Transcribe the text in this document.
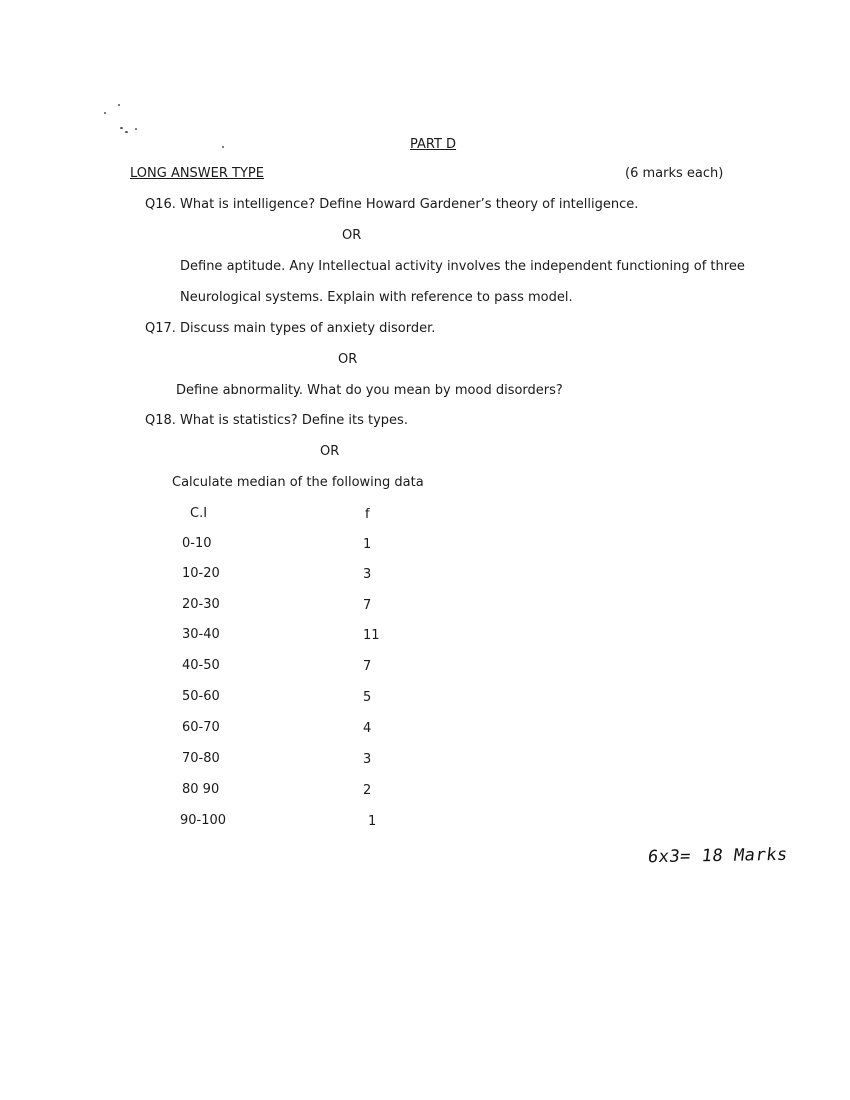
PART D
LONG ANSWER TYPE	(6 marks each)
Q16. What is intelligence? Define Howard Gardener’s theory of intelligence.
OR
Define aptitude. Any Intellectual activity involves the independent functioning of three
Neurological systems. Explain with reference to pass model.
Q17. Discuss main types of anxiety disorder.
OR
Define abnormality. What do you mean by mood disorders?
Q18. What is statistics? Define its types.
OR
Calculate median of the following data
C.I	f
0-10	1
10-20	3
20-30	7
30-40	11
40-50	7
50-60	5
60-70	4
70-80	3
80 90	2
90-100	1
6x3= 18 Marks
